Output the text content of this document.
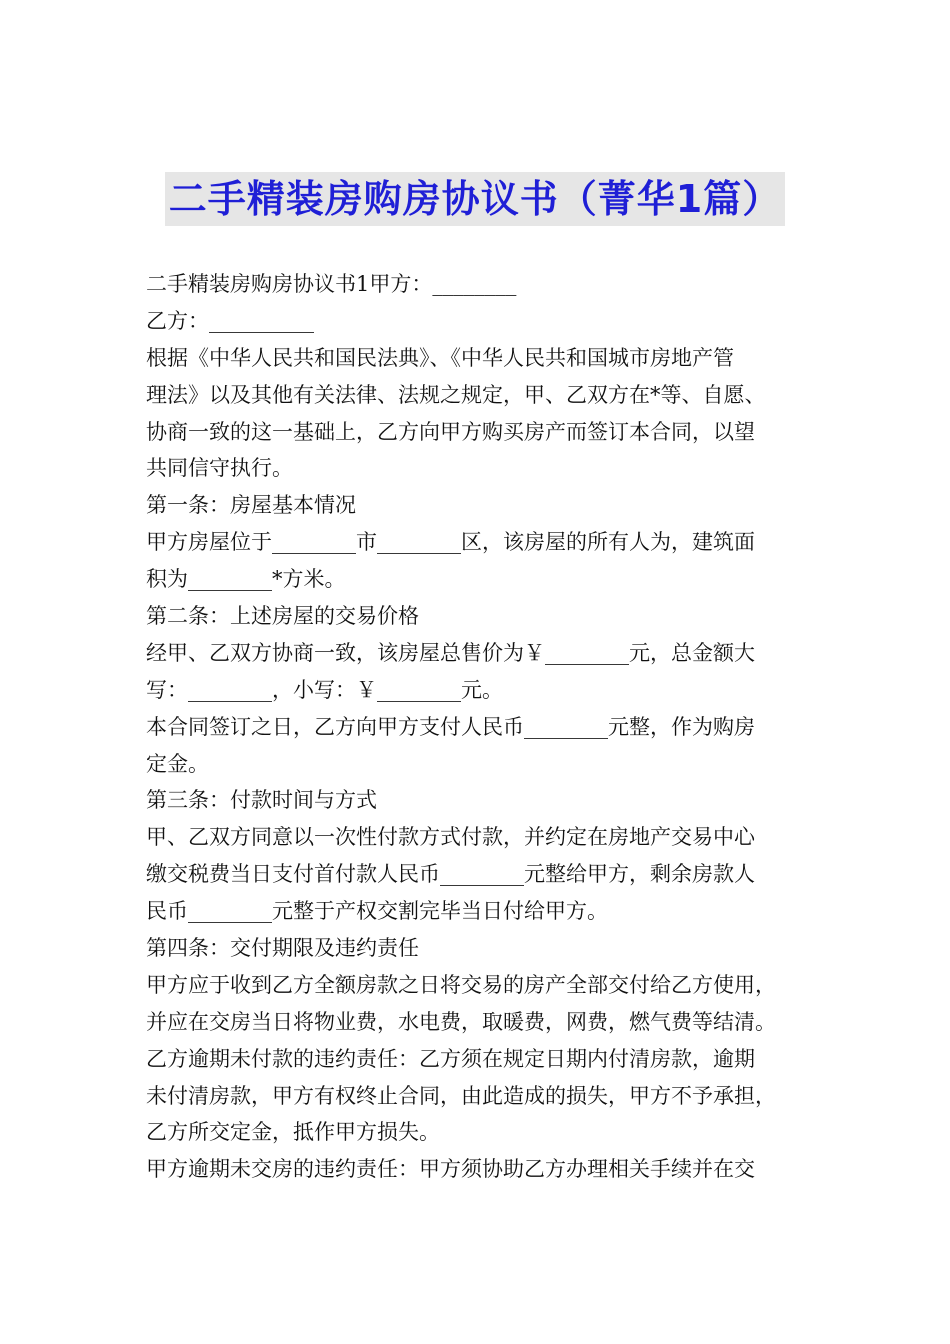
二手精装房购房协议书（菁华1篇）
二手精装房购房协议书1甲方：________
乙方：__________
根据《中华人民共和国民法典》、《中华人民共和国城市房地产管
理法》以及其他有关法律、法规之规定，甲、乙双方在*等、自愿、
协商一致的这一基础上，乙方向甲方购买房产而签订本合同，以望
共同信守执行。
第一条：房屋基本情况
甲方房屋位于________市________区，该房屋的所有人为，建筑面
积为________*方米。
第二条：上述房屋的交易价格
经甲、乙双方协商一致，该房屋总售价为￥________元，总金额大
写：________，小写：￥________元。
本合同签订之日，乙方向甲方支付人民币________元整，作为购房
定金。
第三条：付款时间与方式
甲、乙双方同意以一次性付款方式付款，并约定在房地产交易中心
缴交税费当日支付首付款人民币________元整给甲方，剩余房款人
民币________元整于产权交割完毕当日付给甲方。
第四条：交付期限及违约责任
甲方应于收到乙方全额房款之日将交易的房产全部交付给乙方使用，
并应在交房当日将物业费，水电费，取暖费，网费，燃气费等结清。
乙方逾期未付款的违约责任：乙方须在规定日期内付清房款，逾期
未付清房款，甲方有权终止合同，由此造成的损失，甲方不予承担，
乙方所交定金，抵作甲方损失。
甲方逾期未交房的违约责任：甲方须协助乙方办理相关手续并在交
